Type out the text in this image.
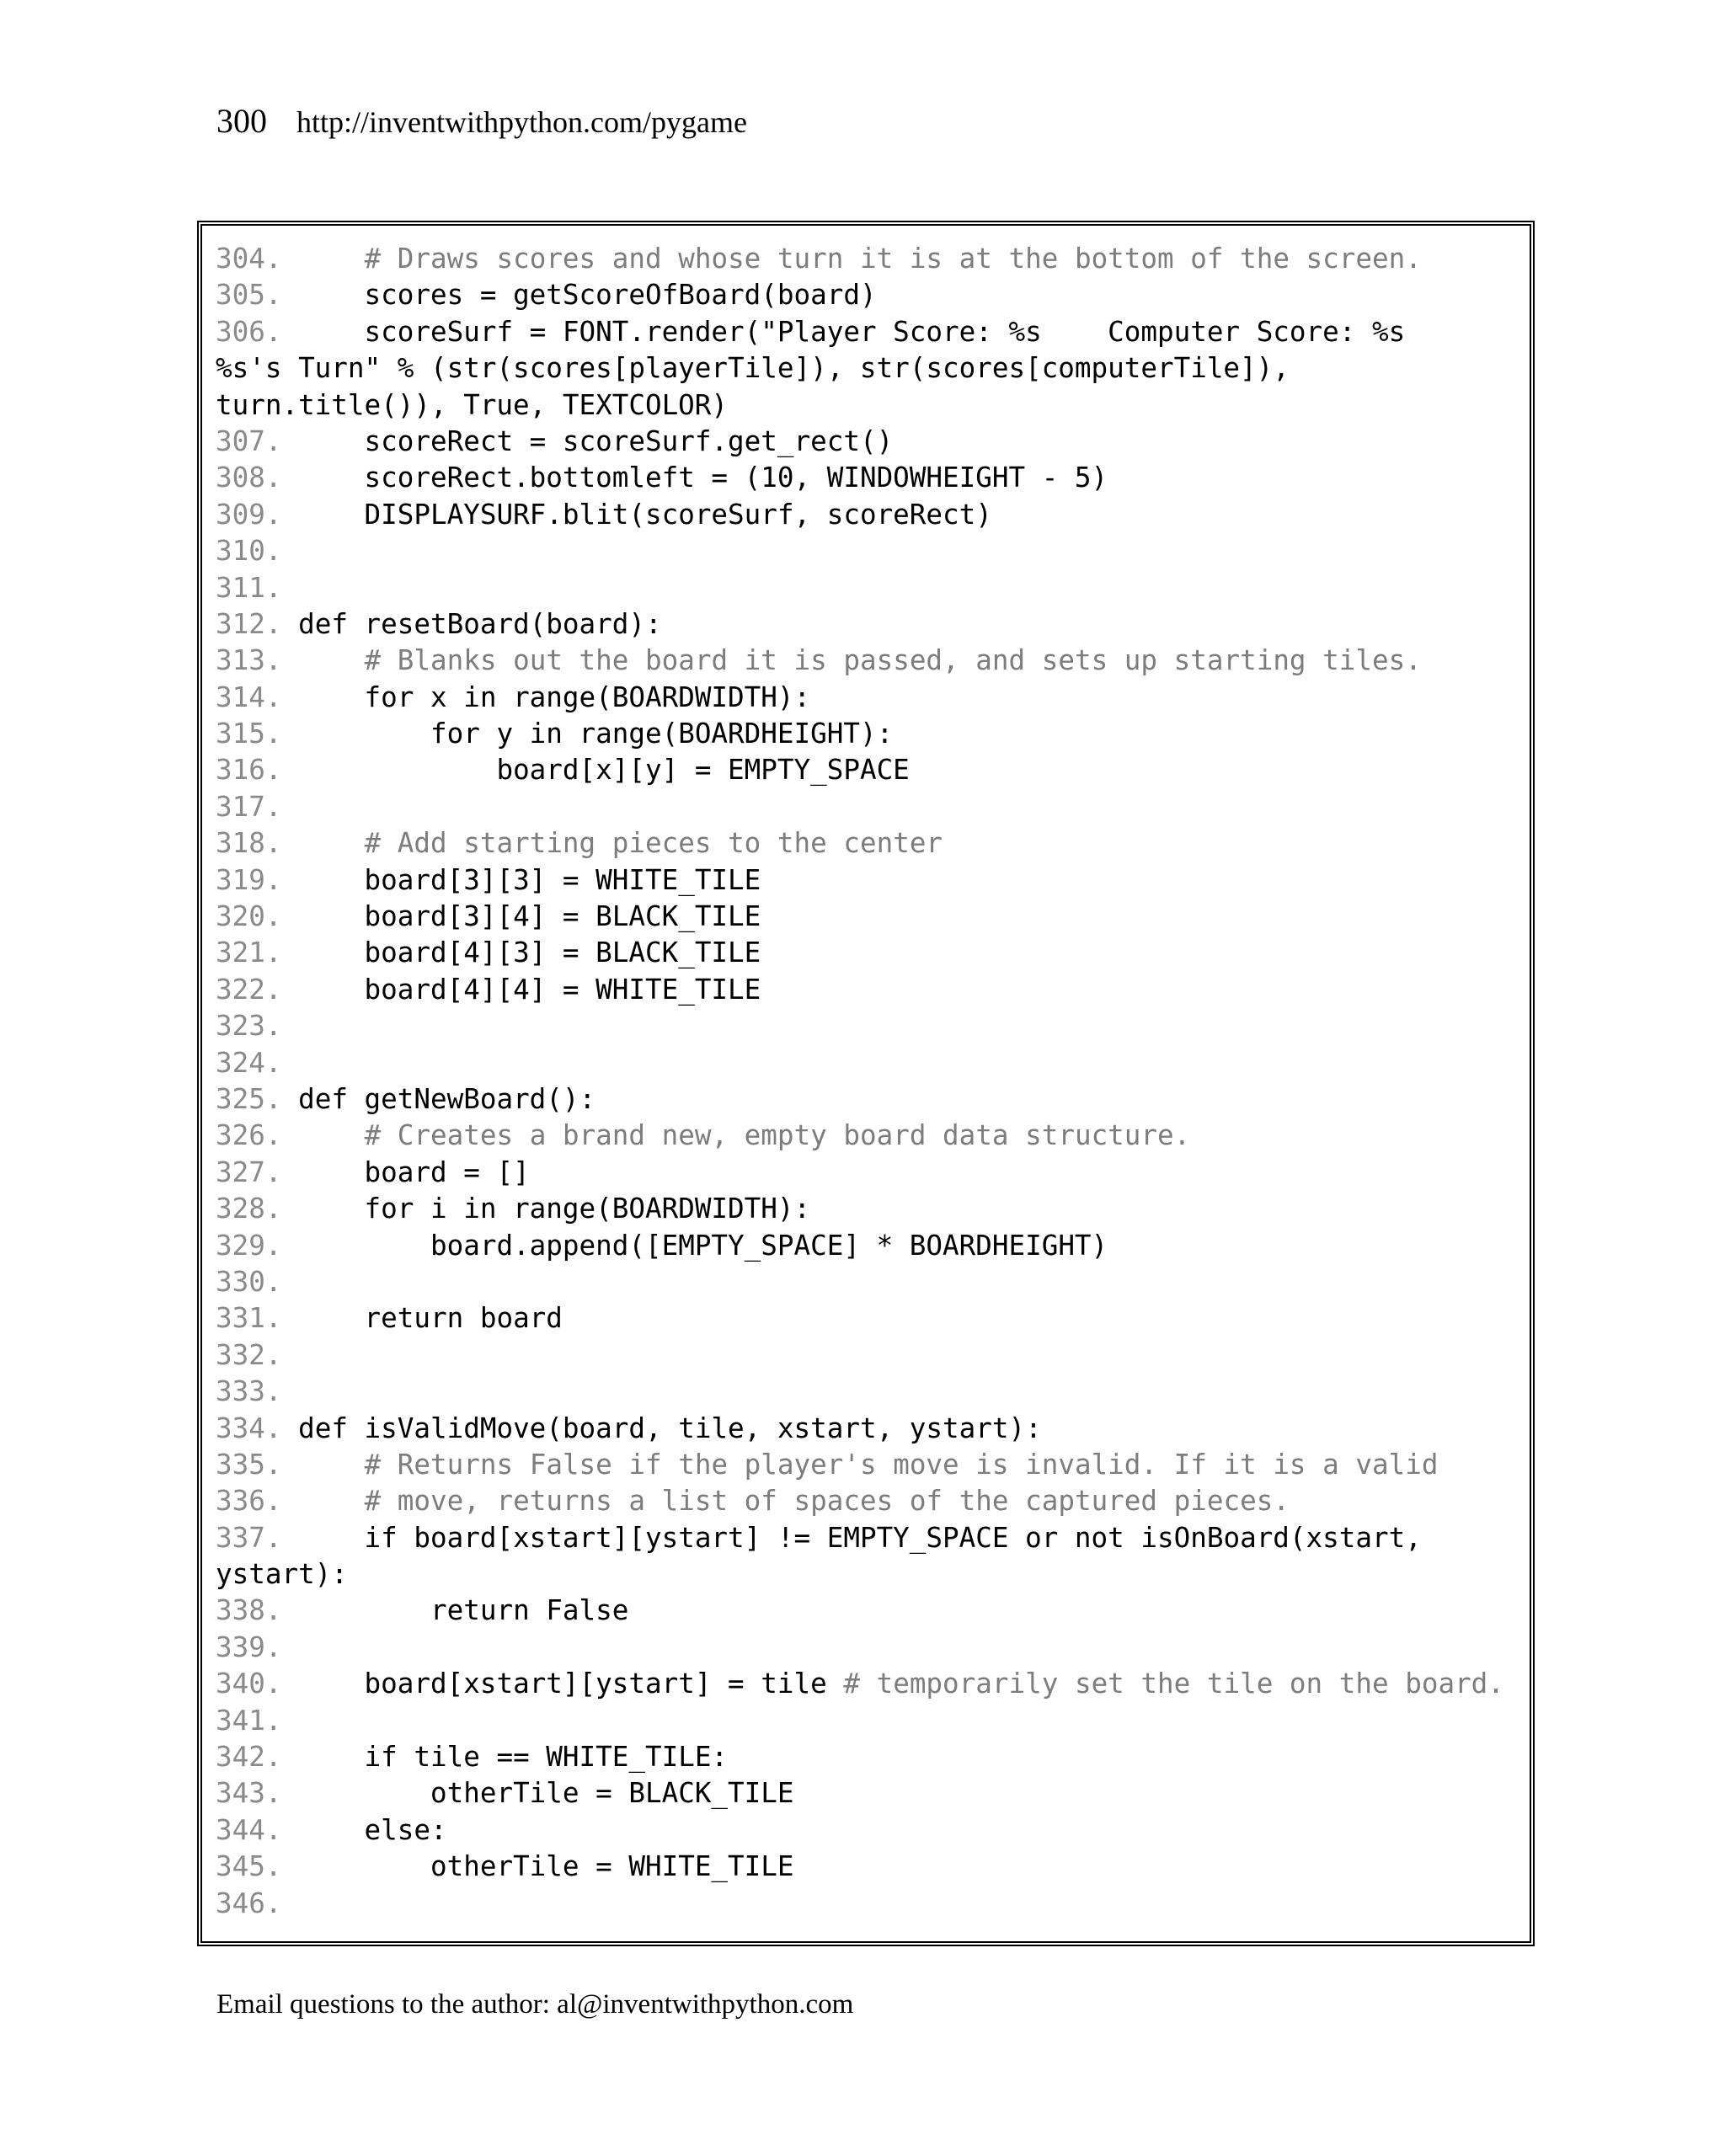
300 http://inventwithpython.com/pygame
304.	# Draws scores and whose turn it is at the bottom of the screen.
305.     scores = getScoreOfBoard(board)
306.     scoreSurf = FONT.render("Player Score: %s    Computer Score: %s
%s's Turn" % (str(scores[playerTile]), str(scores[computerTile]),
turn.title()), True, TEXTCOLOR)
307.     scoreRect = scoreSurf.get_rect()
308.     scoreRect.bottomleft = (10, WINDOWHEIGHT - 5)
309.     DISPLAYSURF.blit(scoreSurf, scoreRect)
310.
311.
312. def resetBoard(board):
313.	# Blanks out the board it is passed, and sets up starting tiles.
314.     for x in range(BOARDWIDTH):
315.         for y in range(BOARDHEIGHT):
316.             board[x][y] = EMPTY_SPACE
317.
318.	# Add starting pieces to the center
319.     board[3][3] = WHITE_TILE
320.     board[3][4] = BLACK_TILE
321.     board[4][3] = BLACK_TILE
322.     board[4][4] = WHITE_TILE
323.
324.
325. def getNewBoard():
326.	# Creates a brand new, empty board data structure.
327.     board = []
328.     for i in range(BOARDWIDTH):
329.         board.append([EMPTY_SPACE] * BOARDHEIGHT)
330.
331.     return board
332.
333.
334. def isValidMove(board, tile, xstart, ystart):
335.	# Returns False if the player's move is invalid. If it is a valid
336.	# move, returns a list of spaces of the captured pieces.
337.     if board[xstart][ystart] != EMPTY_SPACE or not isOnBoard(xstart,
ystart):
338.         return False
339.
340.     board[xstart][ystart] = tile # temporarily set the tile on the board.
341.
342.     if tile == WHITE_TILE:
343.         otherTile = BLACK_TILE
344.     else:
345.         otherTile = WHITE_TILE
346.
Email questions to the author: al@inventwithpython.com
